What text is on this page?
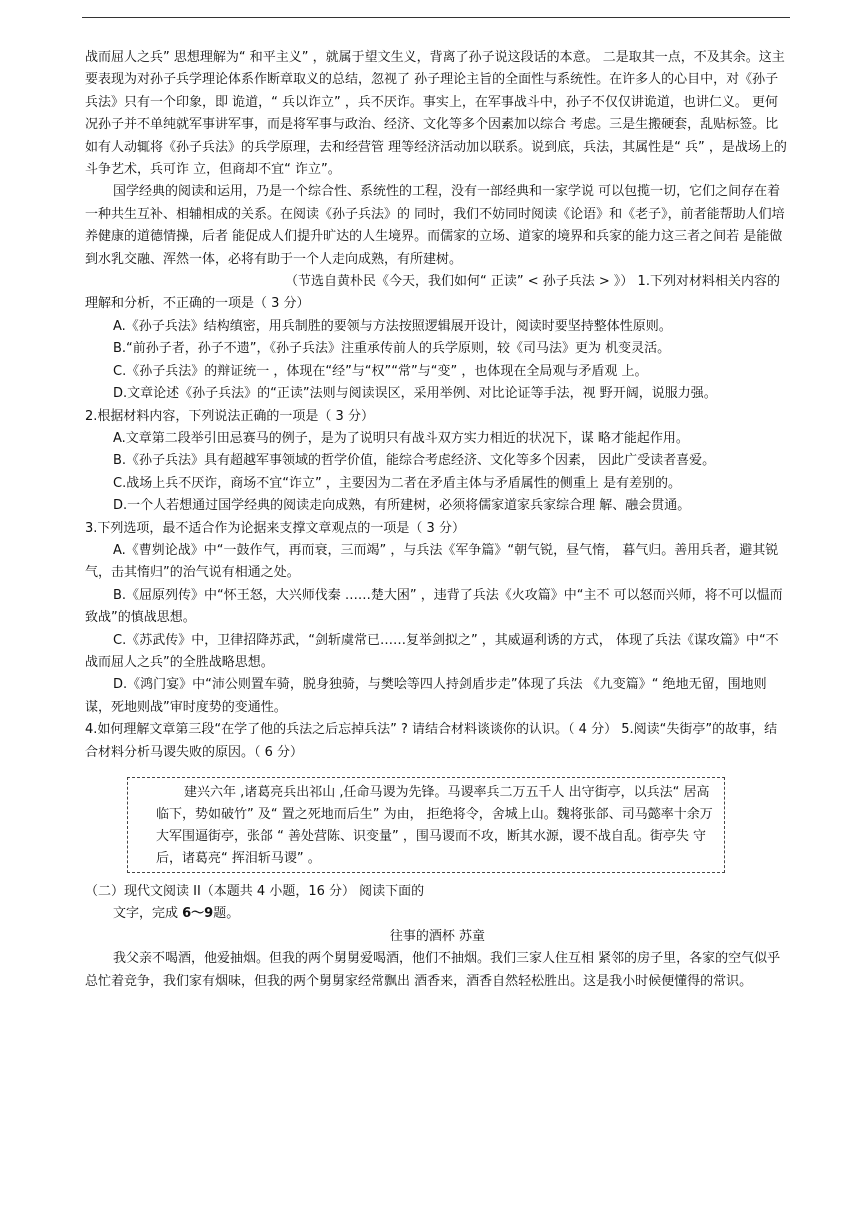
战而屈人之兵” 思想理解为“ 和平主义” ，就属于望文生义，背离了孙子说这段话的本意。 二是取其一点，不及其余。这主要表现为对孙子兵学理论体系作断章取义的总结，忽视了 孙子理论主旨的全面性与系统性。在许多人的心目中，对《孙子兵法》只有一个印象，即 诡道，“ 兵以诈立” ，兵不厌诈。事实上，在军事战斗中，孙子不仅仅讲诡道，也讲仁义。 更何况孙子并不单纯就军事讲军事，而是将军事与政治、经济、文化等多个因素加以综合 考虑。三是生搬硬套，乱贴标签。比如有人动辄将《孙子兵法》的兵学原理，去和经营管 理等经济活动加以联系。说到底，兵法，其属性是“ 兵” ，是战场上的斗争艺术，兵可诈 立，但商却不宜“ 诈立”。

国学经典的阅读和运用，乃是一个综合性、系统性的工程，没有一部经典和一家学说 可以包揽一切，它们之间存在着一种共生互补、相辅相成的关系。在阅读《孙子兵法》的 同时，我们不妨同时阅读《论语》和《老子》，前者能帮助人们培养健康的道德情操，后者 能促成人们提升旷达的人生境界。而儒家的立场、道家的境界和兵家的能力这三者之间若 是能做到水乳交融、浑然一体，必将有助于一个人走向成熟，有所建树。

（节选自黄朴民《今天，我们如何“ 正读” < 孙子兵法 > 》） 1.下列对材料相关内容的理解和分析，不正确的一项是（ 3 分）

A.《孙子兵法》结构缜密，用兵制胜的要领与方法按照逻辑展开设计，阅读时要坚持整体性原则。

B.“前孙子者，孙子不遗”，《孙子兵法》注重承传前人的兵学原则，较《司马法》更为 机变灵活。

C.《孙子兵法》的辩证统一 ，体现在“经”与“权”“常”与“变” ，也体现在全局观与矛盾观 上。

D.文章论述《孙子兵法》的“正读”法则与阅读误区，采用举例、对比论证等手法，视 野开阔，说服力强。

2.根据材料内容，下列说法正确的一项是（ 3 分）

A.文章第二段举引田忌赛马的例子，是为了说明只有战斗双方实力相近的状况下，谋 略才能起作用。

B.《孙子兵法》具有超越军事领域的哲学价值，能综合考虑经济、文化等多个因素， 因此广受读者喜爱。

C.战场上兵不厌诈，商场不宜“诈立” ，主要因为二者在矛盾主体与矛盾属性的侧重上 是有差别的。

D.一个人若想通过国学经典的阅读走向成熟，有所建树，必须将儒家道家兵家综合理 解、融会贯通。

3.下列选项，最不适合作为论据来支撑文章观点的一项是（ 3 分）

A.《曹刿论战》中“一鼓作气，再而衰，三而竭” ，与兵法《军争篇》“朝气锐，昼气惰， 暮气归。善用兵者，避其锐气，击其惰归”的治气说有相通之处。

B.《屈原列传》中“怀王怒，大兴师伐秦 ……楚大困” ，违背了兵法《火攻篇》中“主不 可以怒而兴师，将不可以愠而致战”的慎战思想。

C.《苏武传》中，卫律招降苏武，“剑斩虞常已……复举剑拟之” ，其威逼利诱的方式， 体现了兵法《谋攻篇》中“不战而屈人之兵”的全胜战略思想。

D.《鸿门宴》中“沛公则置车骑，脱身独骑，与樊哙等四人持剑盾步走”体现了兵法 《九变篇》“ 绝地无留，围地则谋，死地则战”审时度势的变通性。

4.如何理解文章第三段“在学了他的兵法之后忘掉兵法” ? 请结合材料谈谈你的认识。（ 4 分） 5.阅读“失街亭”的故事，结合材料分析马谡失败的原因。（ 6 分）

建兴六年 ,诸葛亮兵出祁山 ,任命马谡为先锋。马谡率兵二万五千人 出守街亭，以兵法“ 居高临下，势如破竹” 及“ 置之死地而后生” 为由， 拒绝将令，舍城上山。魏将张郃、司马懿率十余万大军围逼街亭，张郃 “ 善处营陈、识变量” ，围马谡而不攻，断其水源，谡不战自乱。街亭失 守后，诸葛亮“ 挥泪斩马谡” 。

（二）现代文阅读 II（本题共 4 小题，16 分） 阅读下面的

文字，完成 6～9题。

往事的酒杯 苏童

我父亲不喝酒，他爱抽烟。但我的两个舅舅爱喝酒，他们不抽烟。我们三家人住互相 紧邻的房子里，各家的空气似乎总忙着竞争，我们家有烟味，但我的两个舅舅家经常飘出 酒香来，酒香自然轻松胜出。这是我小时候便懂得的常识。
